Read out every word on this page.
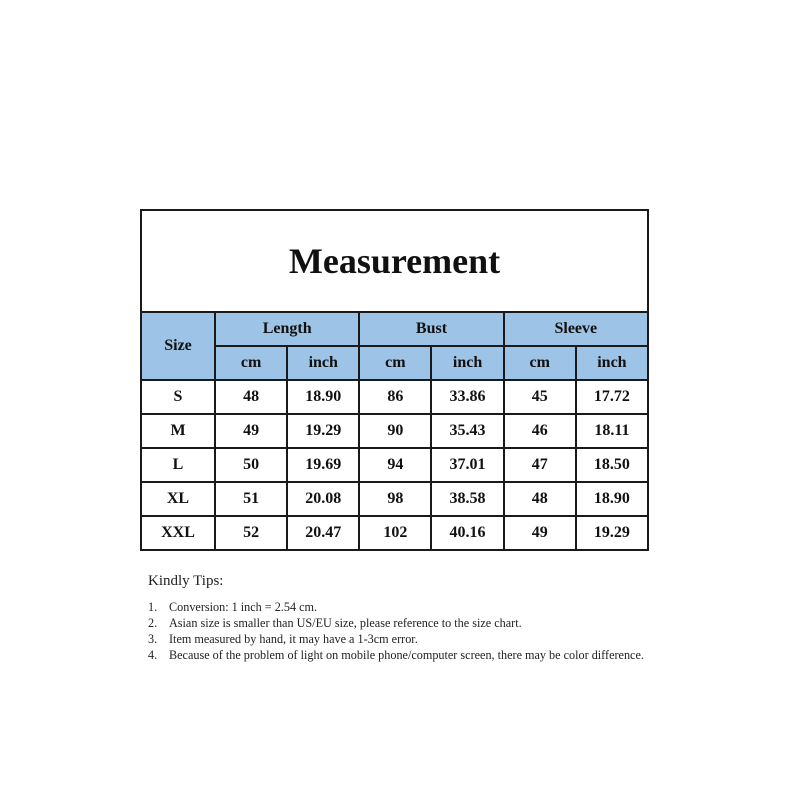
Measurement						
Size	Length		Bust		Sleeve	
	cm	inch	cm	inch	cm	inch
S	48	18.90	86	33.86	45	17.72
M	49	19.29	90	35.43	46	18.11
L	50	19.69	94	37.01	47	18.50
XL	51	20.08	98	38.58	48	18.90
XXL	52	20.47	102	40.16	49	19.29
Kindly Tips:
1. Conversion: 1 inch = 2.54 cm.
2. Asian size is smaller than US/EU size, please reference to the size chart.
3. Item measured by hand, it may have a 1-3cm error.
4. Because of the problem of light on mobile phone/computer screen, there may be color difference.
